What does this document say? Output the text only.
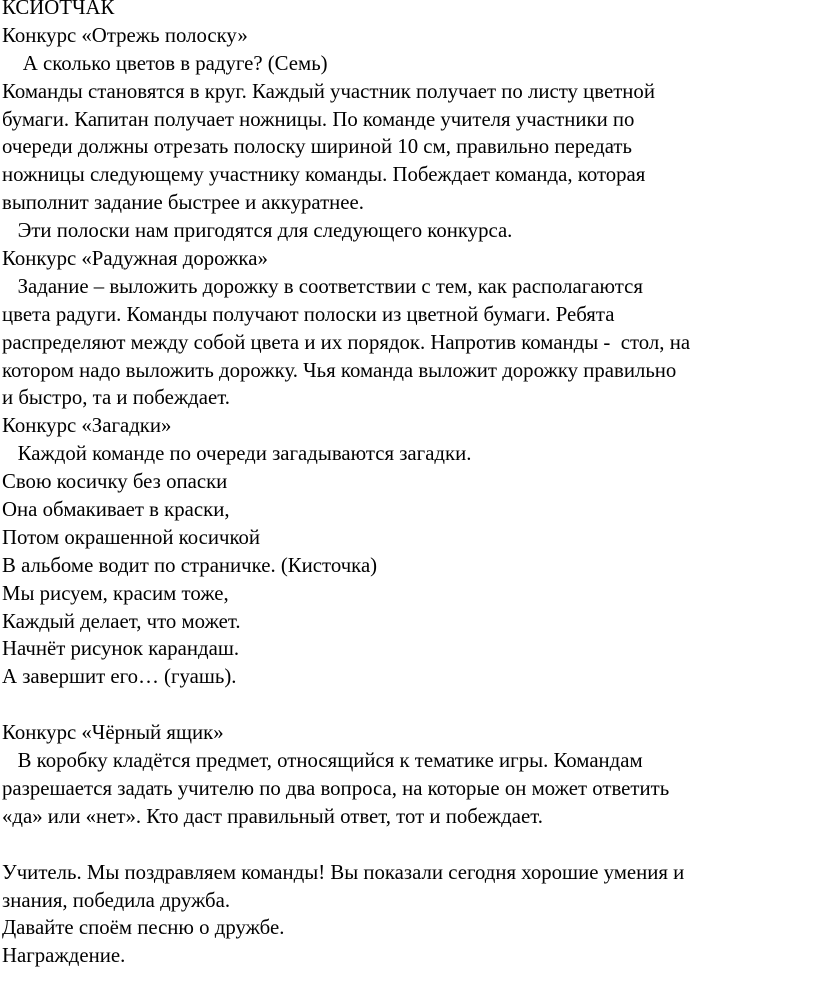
КСИОТЧАК
Конкурс «Отрежь полоску»
А сколько цветов в радуге? (Семь)
Команды становятся в круг. Каждый участник получает по листу цветной
бумаги. Капитан получает ножницы. По команде учителя участники по
очереди должны отрезать полоску шириной 10 см, правильно передать
ножницы следующему участнику команды. Побеждает команда, которая
выполнит задание быстрее и аккуратнее.
Эти полоски нам пригодятся для следующего конкурса.
Конкурс «Радужная дорожка»
Задание – выложить дорожку в соответствии с тем, как располагаются
цвета радуги. Команды получают полоски из цветной бумаги. Ребята
распределяют между собой цвета и их порядок. Напротив команды -  стол, на
котором надо выложить дорожку. Чья команда выложит дорожку правильно
и быстро, та и побеждает.
Конкурс «Загадки»
Каждой команде по очереди загадываются загадки.
Свою косичку без опаски
Она обмакивает в краски,
Потом окрашенной косичкой
В альбоме водит по страничке. (Кисточка)
Мы рисуем, красим тоже,
Каждый делает, что может.
Начнёт рисунок карандаш.
А завершит его… (гуашь).
Конкурс «Чёрный ящик»
В коробку кладётся предмет, относящийся к тематике игры. Командам
разрешается задать учителю по два вопроса, на которые он может ответить
«да» или «нет». Кто даст правильный ответ, тот и побеждает.
Учитель. Мы поздравляем команды! Вы показали сегодня хорошие умения и
знания, победила дружба.
Давайте споём песню о дружбе.
Награждение.
